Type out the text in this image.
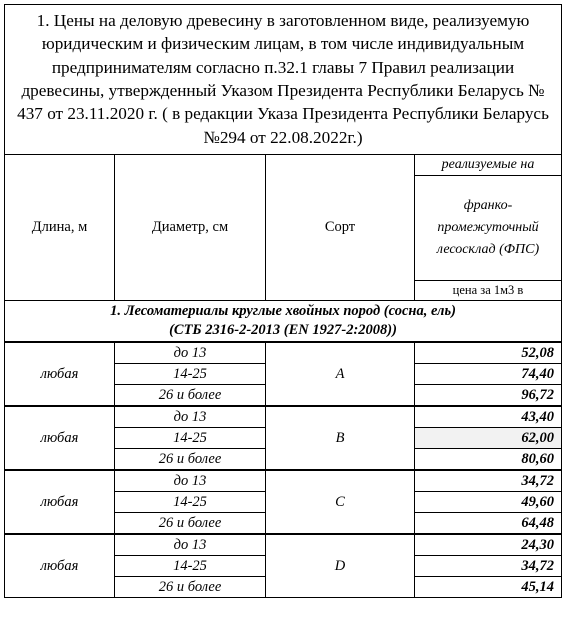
1. Цены на деловую древесину в заготовленном виде, реализуемую юридическим и физическим лицам, в том числе индивидуальным предпринимателям согласно п.32.1 главы 7 Правил реализации древесины, утвержденный Указом Президента Республики Беларусь № 437 от 23.11.2020 г. ( в редакции Указа Президента Республики Беларусь №294 от 22.08.2022г.)			
Длина, м	Диаметр, см	Сорт	реализуемые на
			франко-промежуточный лесосклад (ФПС)
			цена за 1м3 в
1. Лесоматериалы круглые хвойных пород (сосна, ель)
(СТБ 2316-2-2013 (EN 1927-2:2008))			
любая	до 13	A	52,08
	14-25		74,40
	26 и более		96,72
любая	до 13	B	43,40
	14-25		62,00
	26 и более		80,60
любая	до 13	C	34,72
	14-25		49,60
	26 и более		64,48
любая	до 13	D	24,30
	14-25		34,72
	26 и более		45,14
